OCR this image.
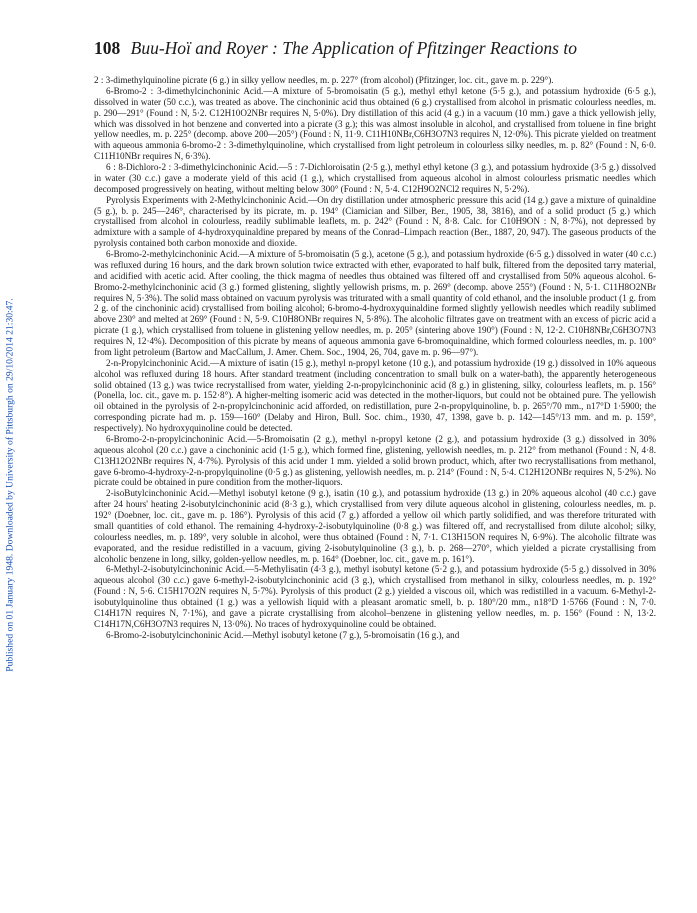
108 Buu-Hoï and Royer : The Application of Pfitzinger Reactions to
Published on 01 January 1948. Downloaded by University of Pittsburgh on 29/10/2014 21:30:47.

2 : 3-dimethylquinoline picrate (6 g.) in silky yellow needles, m. p. 227° (from alcohol) (Pfitzinger, loc. cit., gave m. p. 229°).

6-Bromo-2 : 3-dimethylcinchoninic Acid.—A mixture of 5-bromoisatin (5 g.), methyl ethyl ketone (5·5 g.), and potassium hydroxide (6·5 g.), dissolved in water (50 c.c.), was treated as above. The cinchoninic acid thus obtained (6 g.) crystallised from alcohol in prismatic colourless needles, m. p. 290—291° (Found : N, 5·2. C12H10O2NBr requires N, 5·0%). Dry distillation of this acid (4 g.) in a vacuum (10 mm.) gave a thick yellowish jelly, which was dissolved in hot benzene and converted into a picrate (3 g.); this was almost insoluble in alcohol, and crystallised from toluene in fine bright yellow needles, m. p. 225° (decomp. above 200—205°) (Found : N, 11·9. C11H10NBr,C6H3O7N3 requires N, 12·0%). This picrate yielded on treatment with aqueous ammonia 6-bromo-2 : 3-dimethylquinoline, which crystallised from light petroleum in colourless silky needles, m. p. 82° (Found : N, 6·0. C11H10NBr requires N, 6·3%).

6 : 8-Dichloro-2 : 3-dimethylcinchoninic Acid.—5 : 7-Dichloroisatin (2·5 g.), methyl ethyl ketone (3 g.), and potassium hydroxide (3·5 g.) dissolved in water (30 c.c.) gave a moderate yield of this acid (1 g.), which crystallised from aqueous alcohol in almost colourless prismatic needles which decomposed progressively on heating, without melting below 300° (Found : N, 5·4. C12H9O2NCl2 requires N, 5·2%).

Pyrolysis Experiments with 2-Methylcinchoninic Acid.—On dry distillation under atmospheric pressure this acid (14 g.) gave a mixture of quinaldine (5 g.), b. p. 245—246°, characterised by its picrate, m. p. 194° (Ciamician and Silber, Ber., 1905, 38, 3816), and of a solid product (5 g.) which crystallised from alcohol in colourless, readily sublimable leaflets, m. p. 242° (Found : N, 8·8. Calc. for C10H9ON : N, 8·7%), not depressed by admixture with a sample of 4-hydroxyquinaldine prepared by means of the Conrad–Limpach reaction (Ber., 1887, 20, 947). The gaseous products of the pyrolysis contained both carbon monoxide and dioxide.

6-Bromo-2-methylcinchoninic Acid.—A mixture of 5-bromoisatin (5 g.), acetone (5 g.), and potassium hydroxide (6·5 g.) dissolved in water (40 c.c.) was refluxed during 16 hours, and the dark brown solution twice extracted with ether, evaporated to half bulk, filtered from the deposited tarry material, and acidified with acetic acid. After cooling, the thick magma of needles thus obtained was filtered off and crystallised from 50% aqueous alcohol. 6-Bromo-2-methylcinchoninic acid (3 g.) formed glistening, slightly yellowish prisms, m. p. 269° (decomp. above 255°) (Found : N, 5·1. C11H8O2NBr requires N, 5·3%). The solid mass obtained on vacuum pyrolysis was triturated with a small quantity of cold ethanol, and the insoluble product (1 g. from 2 g. of the cinchoninic acid) crystallised from boiling alcohol; 6-bromo-4-hydroxyquinaldine formed slightly yellowish needles which readily sublimed above 230° and melted at 269° (Found : N, 5·9. C10H8ONBr requires N, 5·8%). The alcoholic filtrates gave on treatment with an excess of picric acid a picrate (1 g.), which crystallised from toluene in glistening yellow needles, m. p. 205° (sintering above 190°) (Found : N, 12·2. C10H8NBr,C6H3O7N3 requires N, 12·4%). Decomposition of this picrate by means of aqueous ammonia gave 6-bromoquinaldine, which formed colourless needles, m. p. 100° from light petroleum (Bartow and MacCallum, J. Amer. Chem. Soc., 1904, 26, 704, gave m. p. 96—97°).

2-n-Propylcinchoninic Acid.—A mixture of isatin (15 g.), methyl n-propyl ketone (10 g.), and potassium hydroxide (19 g.) dissolved in 10% aqueous alcohol was refluxed during 18 hours. After standard treatment (including concentration to small bulk on a water-bath), the apparently heterogeneous solid obtained (13 g.) was twice recrystallised from water, yielding 2-n-propylcinchoninic acid (8 g.) in glistening, silky, colourless leaflets, m. p. 156° (Ponella, loc. cit., gave m. p. 152·8°). A higher-melting isomeric acid was detected in the mother-liquors, but could not be obtained pure. The yellowish oil obtained in the pyrolysis of 2-n-propylcinchoninic acid afforded, on redistillation, pure 2-n-propylquinoline, b. p. 265°/70 mm., n17°D 1·5900; the corresponding picrate had m. p. 159—160° (Delaby and Hiron, Bull. Soc. chim., 1930, 47, 1398, gave b. p. 142—145°/13 mm. and m. p. 159°, respectively). No hydroxyquinoline could be detected.

6-Bromo-2-n-propylcinchoninic Acid.—5-Bromoisatin (2 g.), methyl n-propyl ketone (2 g.), and potassium hydroxide (3 g.) dissolved in 30% aqueous alcohol (20 c.c.) gave a cinchoninic acid (1·5 g.), which formed fine, glistening, yellowish needles, m. p. 212° from methanol (Found : N, 4·8. C13H12O2NBr requires N, 4·7%). Pyrolysis of this acid under 1 mm. yielded a solid brown product, which, after two recrystallisations from methanol, gave 6-bromo-4-hydroxy-2-n-propylquinoline (0·5 g.) as glistening, yellowish needles, m. p. 214° (Found : N, 5·4. C12H12ONBr requires N, 5·2%). No picrate could be obtained in pure condition from the mother-liquors.

2-isoButylcinchoninic Acid.—Methyl isobutyl ketone (9 g.), isatin (10 g.), and potassium hydroxide (13 g.) in 20% aqueous alcohol (40 c.c.) gave after 24 hours' heating 2-isobutylcinchoninic acid (8·3 g.), which crystallised from very dilute aqueous alcohol in glistening, colourless needles, m. p. 192° (Doebner, loc. cit., gave m. p. 186°). Pyrolysis of this acid (7 g.) afforded a yellow oil which partly solidified, and was therefore triturated with small quantities of cold ethanol. The remaining 4-hydroxy-2-isobutylquinoline (0·8 g.) was filtered off, and recrystallised from dilute alcohol; silky, colourless needles, m. p. 189°, very soluble in alcohol, were thus obtained (Found : N, 7·1. C13H15ON requires N, 6·9%). The alcoholic filtrate was evaporated, and the residue redistilled in a vacuum, giving 2-isobutylquinoline (3 g.), b. p. 268—270°, which yielded a picrate crystallising from alcoholic benzene in long, silky, golden-yellow needles, m. p. 164° (Doebner, loc. cit., gave m. p. 161°).

6-Methyl-2-isobutylcinchoninic Acid.—5-Methylisatin (4·3 g.), methyl isobutyl ketone (5·2 g.), and potassium hydroxide (5·5 g.) dissolved in 30% aqueous alcohol (30 c.c.) gave 6-methyl-2-isobutylcinchoninic acid (3 g.), which crystallised from methanol in silky, colourless needles, m. p. 192° (Found : N, 5·6. C15H17O2N requires N, 5·7%). Pyrolysis of this product (2 g.) yielded a viscous oil, which was redistilled in a vacuum. 6-Methyl-2-isobutylquinoline thus obtained (1 g.) was a yellowish liquid with a pleasant aromatic smell, b. p. 180°/20 mm., n18°D 1·5766 (Found : N, 7·0. C14H17N requires N, 7·1%), and gave a picrate crystallising from alcohol–benzene in glistening yellow needles, m. p. 156° (Found : N, 13·2. C14H17N,C6H3O7N3 requires N, 13·0%). No traces of hydroxyquinoline could be obtained.

6-Bromo-2-isobutylcinchoninic Acid.—Methyl isobutyl ketone (7 g.), 5-bromoisatin (16 g.), and
